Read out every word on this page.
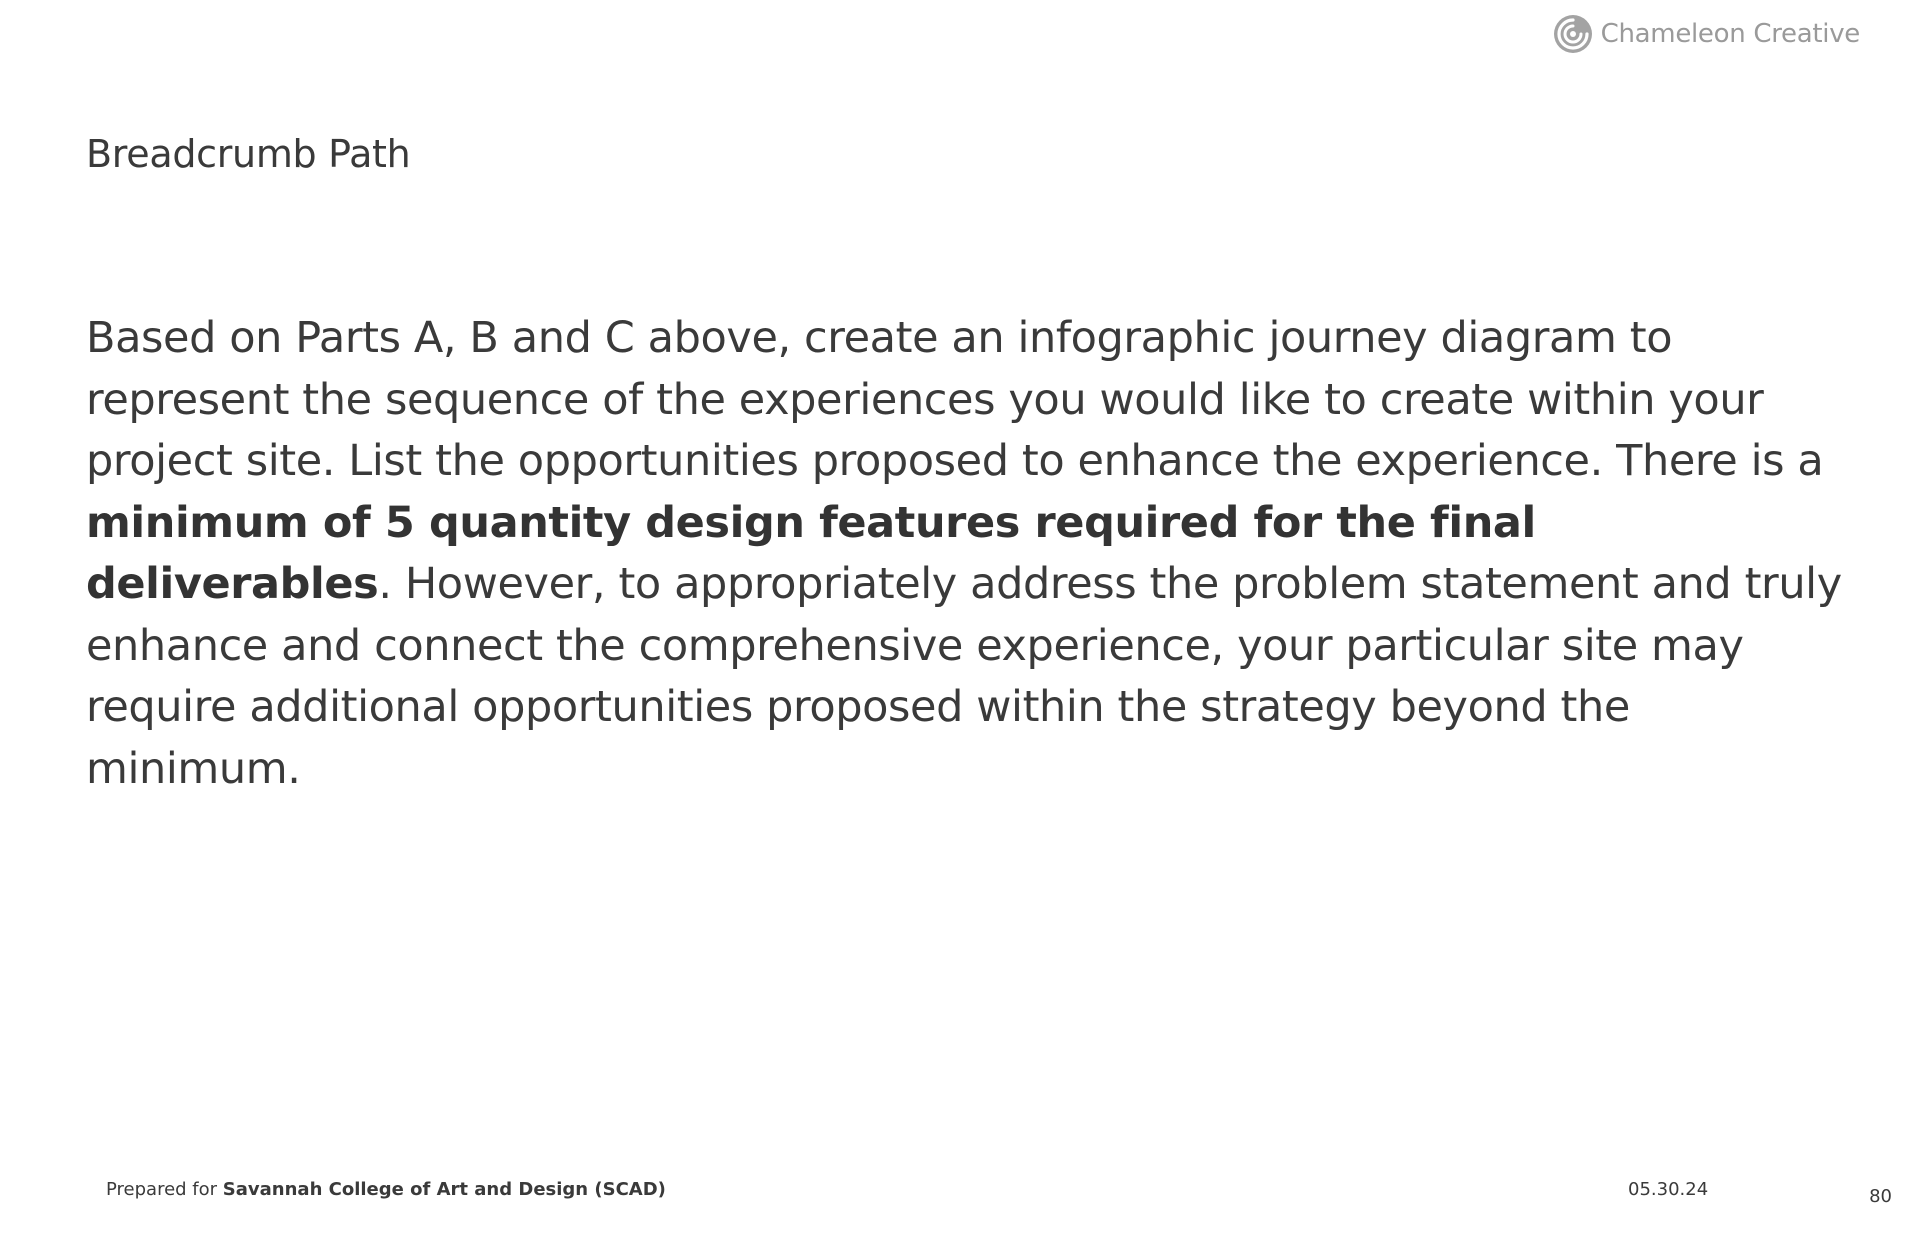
Chameleon Creative
Breadcrumb Path

Based on Parts A, B and C above, create an infographic journey diagram to represent the sequence of the experiences you would like to create within your project site. List the opportunities proposed to enhance the experience. There is a minimum of 5 quantity design features required for the final deliverables. However, to appropriately address the problem statement and truly enhance and connect the comprehensive experience, your particular site may require additional opportunities proposed within the strategy beyond the minimum.

Prepared for Savannah College of Art and Design (SCAD)	05.30.24	80
